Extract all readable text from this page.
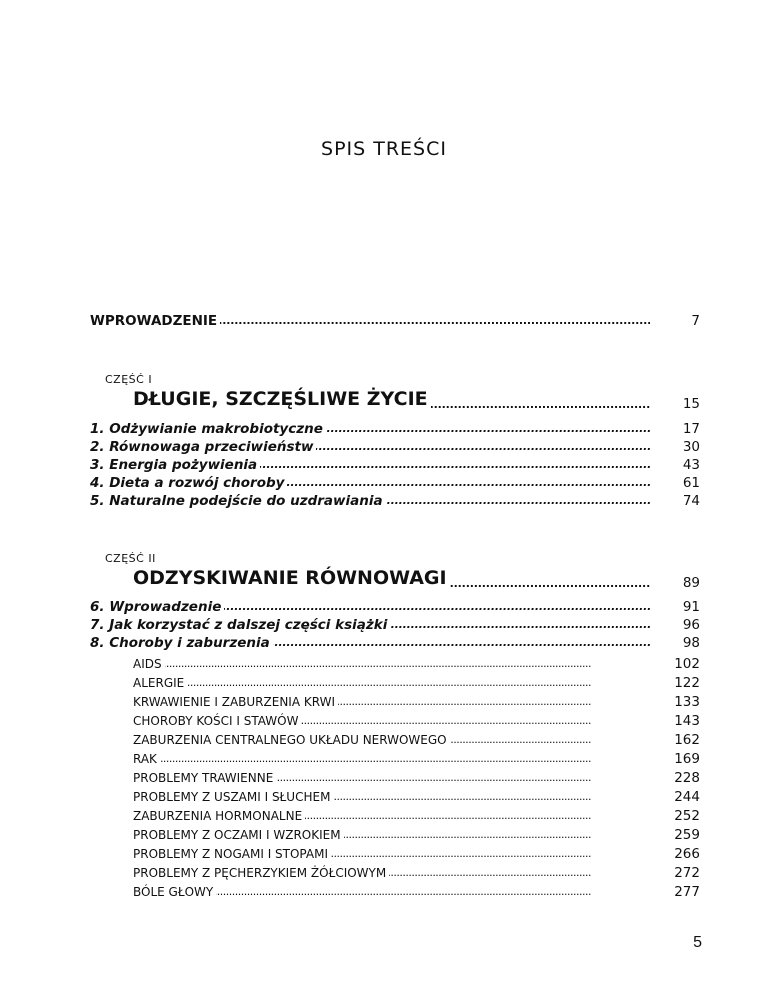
SPIS TREŚCI
WPROWADZENIE . . .	7
CZĘŚĆ I
DŁUGIE, SZCZĘŚLIWE ŻYCIE . . .	15
1. Odżywianie makrobiotyczne . . .	17
2. Równowaga przeciwieństw . . .	30
3. Energia pożywienia . . .	43
4. Dieta a rozwój choroby . . .	61
5. Naturalne podejście do uzdrawiania . . .	74
CZĘŚĆ II
ODZYSKIWANIE RÓWNOWAGI . . .	89
6. Wprowadzenie . . .	91
7. Jak korzystać z dalszej części książki . . .	96
8. Choroby i zaburzenia . . .	98
AIDS . . .	102
ALERGIE . . .	122
KRWAWIENIE I ZABURZENIA KRWI . . .	133
CHOROBY KOŚCI I STAWÓW . . .	143
ZABURZENIA CENTRALNEGO UKŁADU NERWOWEGO . . .	162
RAK . . .	169
PROBLEMY TRAWIENNE . . .	228
PROBLEMY Z USZAMI I SŁUCHEM . . .	244
ZABURZENIA HORMONALNE . . .	252
PROBLEMY Z OCZAMI I WZROKIEM . . .	259
PROBLEMY Z NOGAMI I STOPAMI . . .	266
PROBLEMY Z PĘCHERZYKIEM ŻÓŁCIOWYM . . .	272
BÓLE GŁOWY . . .	277
5
